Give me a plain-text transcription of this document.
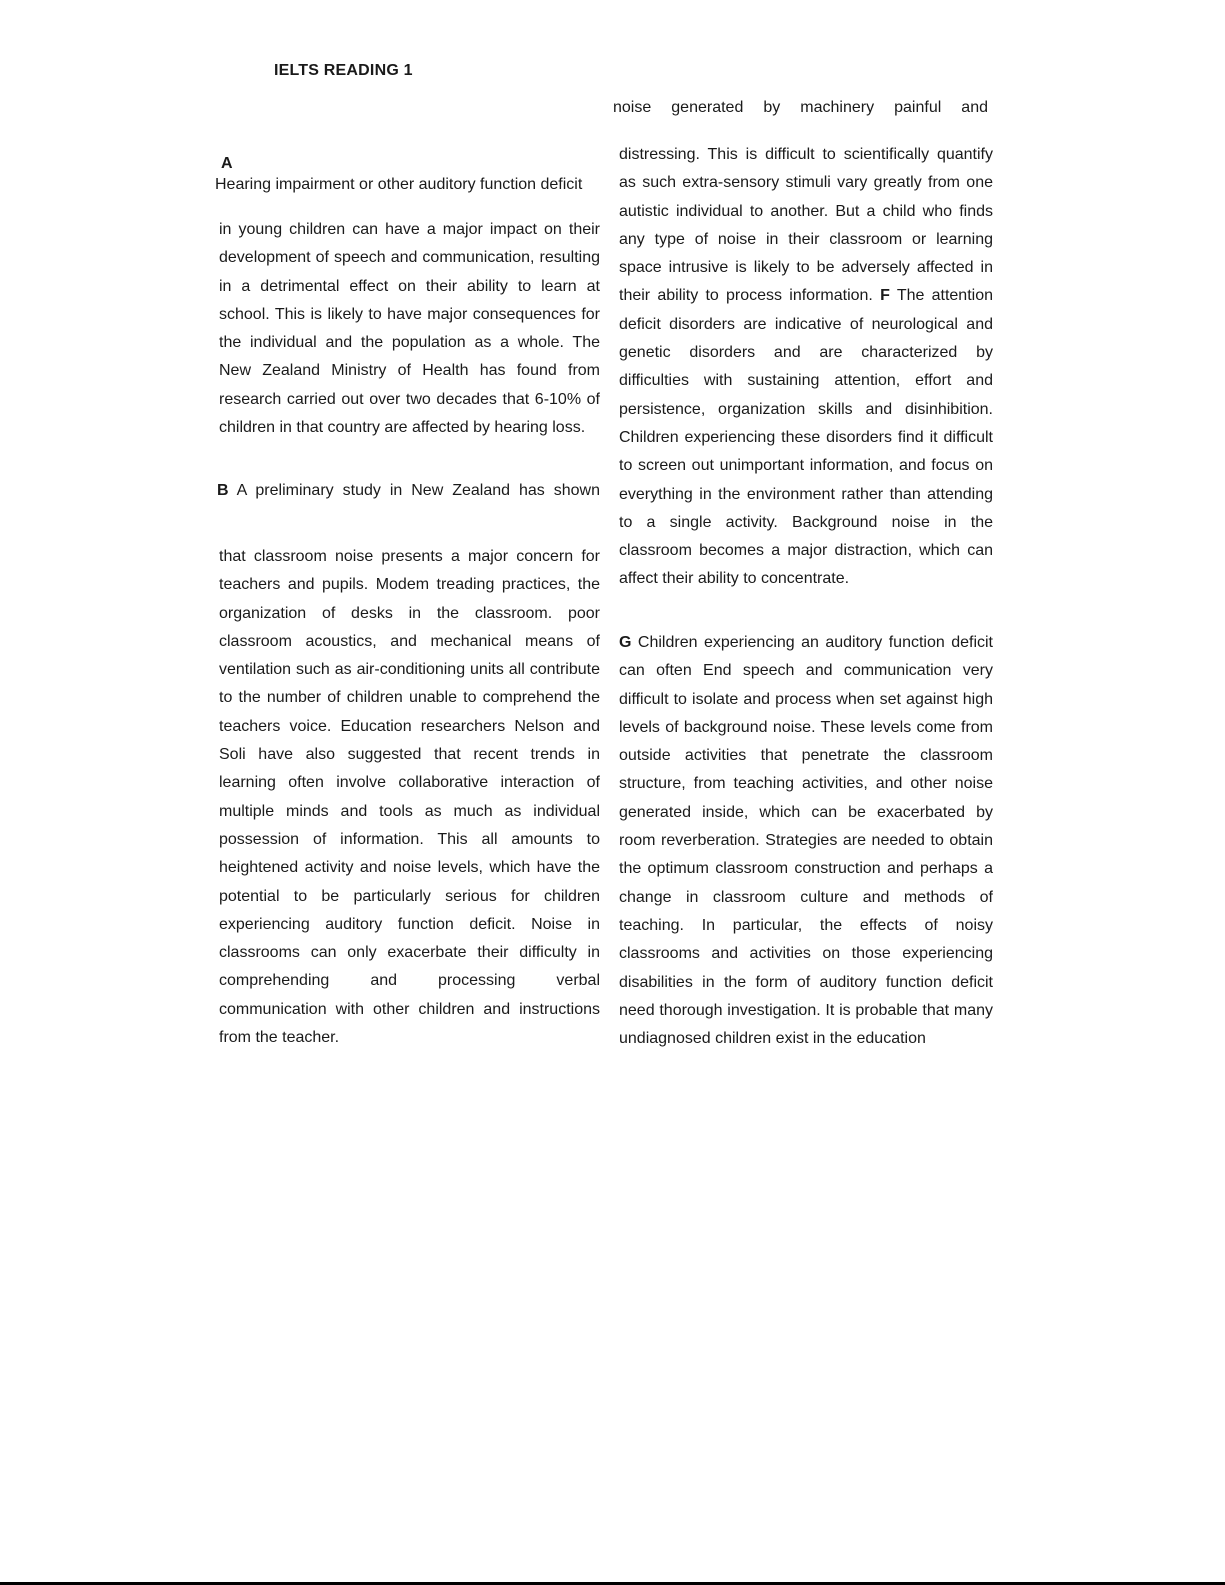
IELTS READING 1
A

Hearing impairment or other auditory function deficit

in young children can have a major impact on their development of speech and communication, resulting in a detrimental effect on their ability to learn at school. This is likely to have major consequences for the individual and the population as a whole. The New Zealand Ministry of Health has found from research carried out over two decades that 6-10% of children in that country are affected by hearing loss.

B A preliminary study in New Zealand has shown

that classroom noise presents a major concern for teachers and pupils. Modem treading practices, the organization of desks in the classroom. poor classroom acoustics, and mechanical means of ventilation such as air-conditioning units all contribute to the number of children unable to comprehend the teachers voice. Education researchers Nelson and Soli have also suggested that recent trends in learning often involve collaborative interaction of multiple minds and tools as much as individual possession of information. This all amounts to heightened activity and noise levels, which have the potential to be particularly serious for children experiencing auditory function deficit. Noise in classrooms can only exacerbate their difficulty in comprehending and processing verbal communication with other children and instructions from the teacher.

noise generated by machinery painful and

distressing. This is difficult to scientifically quantify as such extra-sensory stimuli vary greatly from one autistic individual to another. But a child who finds any type of noise in their classroom or learning space intrusive is likely to be adversely affected in their ability to process information. F The attention deficit disorders are indicative of neurological and genetic disorders and are characterized by difficulties with sustaining attention, effort and persistence, organization skills and disinhibition. Children experiencing these disorders find it difficult to screen out unimportant information, and focus on everything in the environment rather than attending to a single activity. Background noise in the classroom becomes a major distraction, which can affect their ability to concentrate.

G Children experiencing an auditory function deficit can often End speech and communication very difficult to isolate and process when set against high levels of background noise. These levels come from outside activities that penetrate the classroom structure, from teaching activities, and other noise generated inside, which can be exacerbated by room reverberation. Strategies are needed to obtain the optimum classroom construction and perhaps a change in classroom culture and methods of teaching. In particular, the effects of noisy classrooms and activities on those experiencing disabilities in the form of auditory function deficit need thorough investigation. It is probable that many undiagnosed children exist in the education
